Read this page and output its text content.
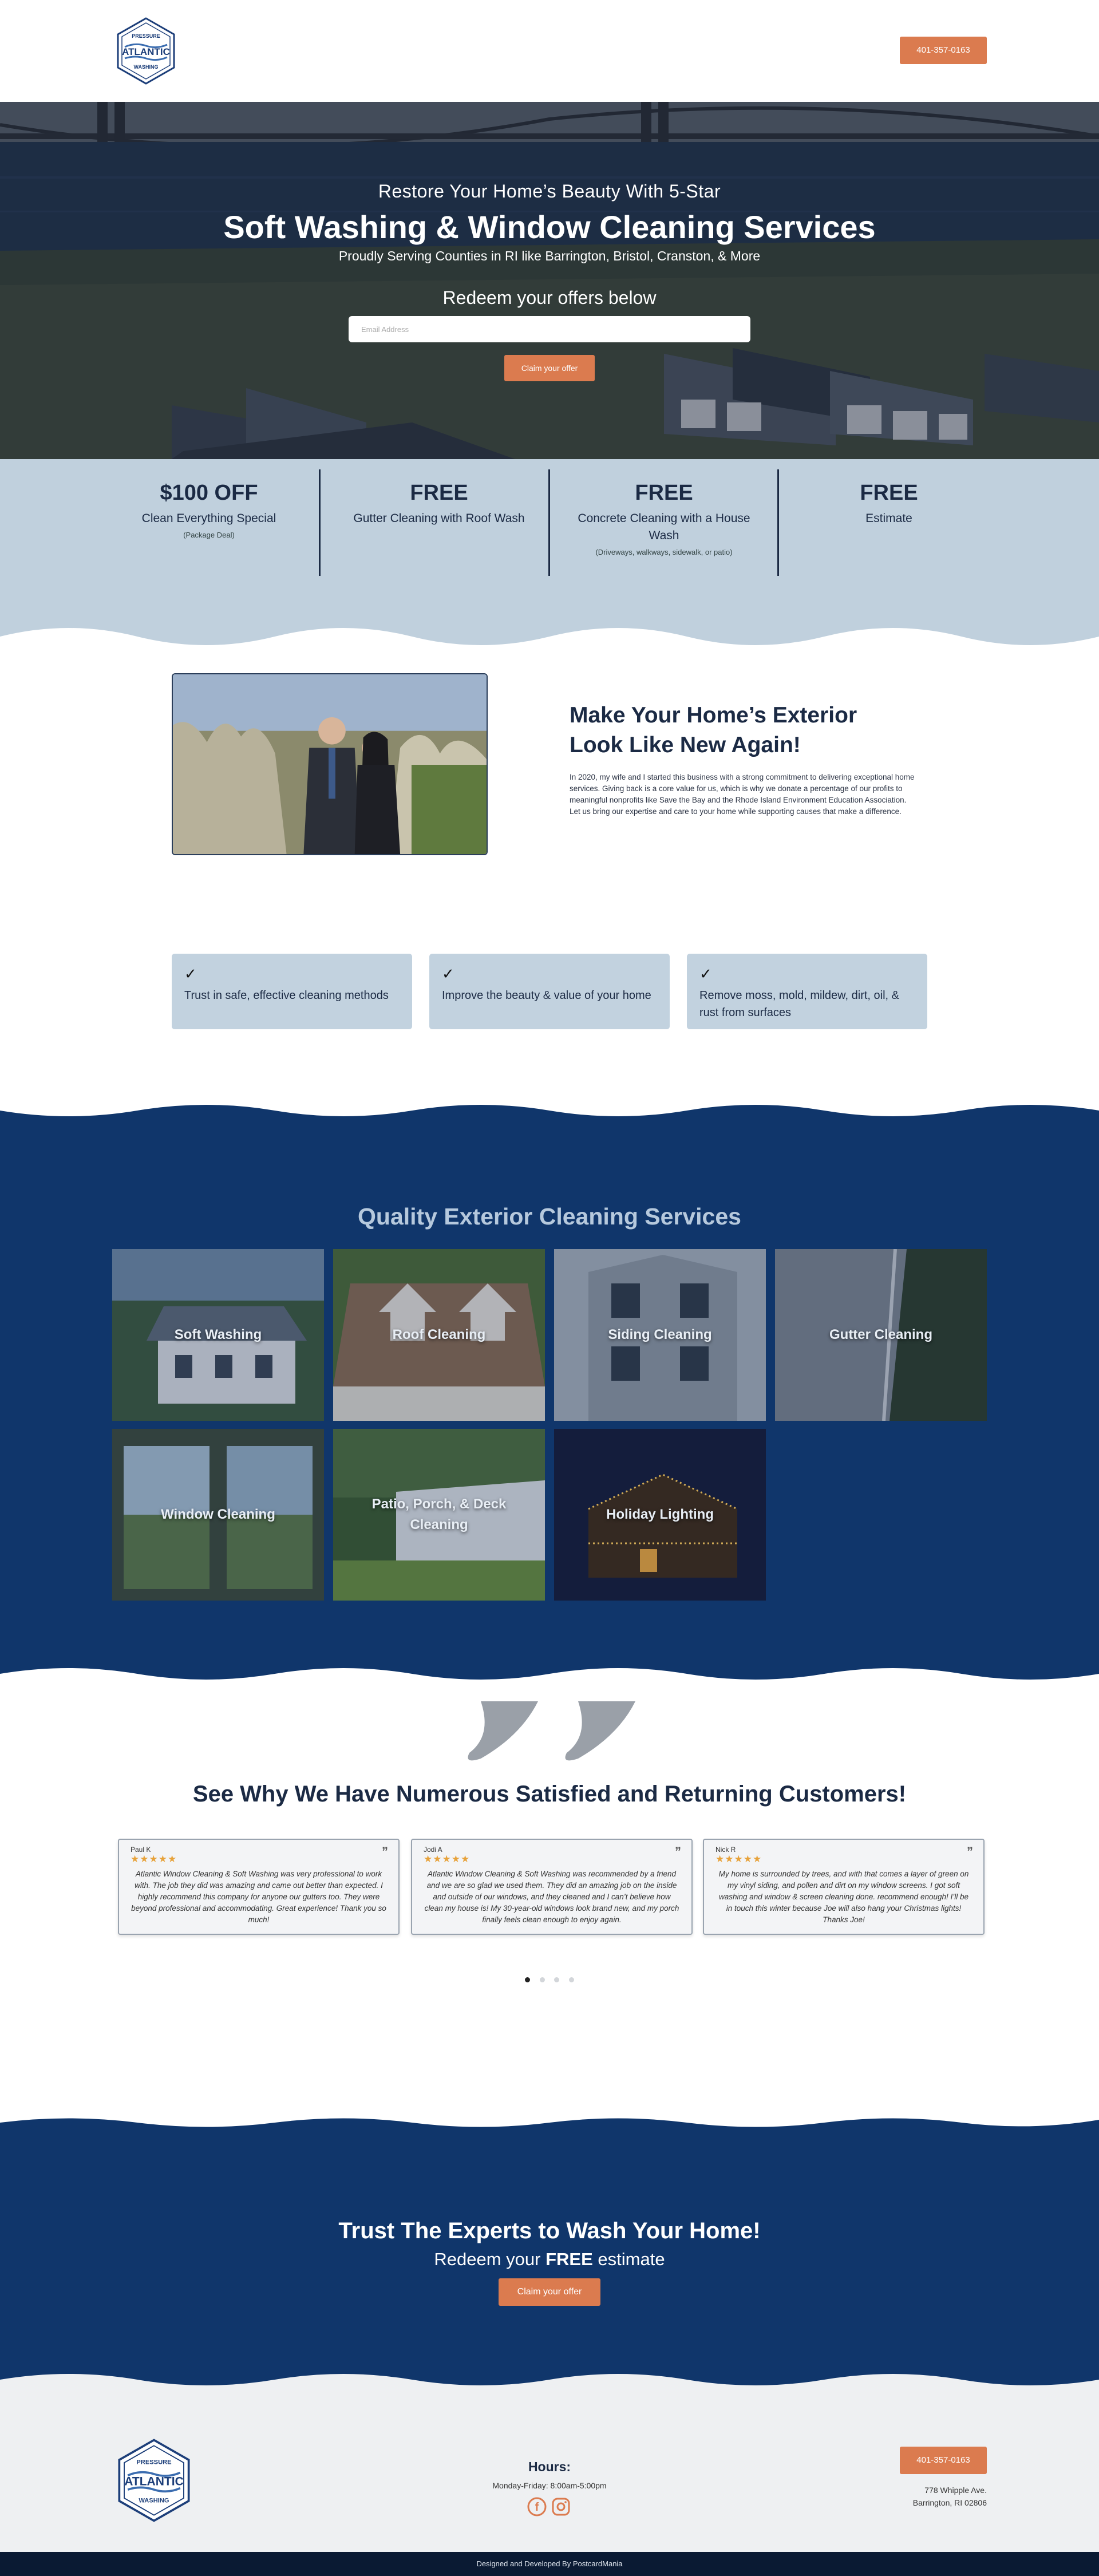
PRESSURE
ATLANTIC
WASHING
401-357-0163
Restore Your Home’s Beauty With 5-Star
Soft Washing & Window Cleaning Services
Proudly Serving Counties in RI like Barrington, Bristol, Cranston, & More
Redeem your offers below
Email Address
Claim your offer
$100 OFF
Clean Everything Special
(Package Deal)
FREE
Gutter Cleaning with Roof Wash
FREE
Concrete Cleaning with a House Wash
(Driveways, walkways, sidewalk, or patio)
FREE
Estimate
Make Your Home’s Exterior Look Like New Again!

In 2020, my wife and I started this business with a strong commitment to delivering exceptional home services. Giving back is a core value for us, which is why we donate a percentage of our profits to meaningful nonprofits like Save the Bay and the Rhode Island Environment Education Association. Let us bring our expertise and care to your home while supporting causes that make a difference.

✓
Trust in safe, effective cleaning methods
✓
Improve the beauty & value of your home
✓
Remove moss, mold, mildew, dirt, oil, & rust from surfaces
Quality Exterior Cleaning Services
Soft Washing	Roof Cleaning	Siding Cleaning	Gutter Cleaning
Window Cleaning
Patio, Porch, & Deck Cleaning
Holiday Lighting
See Why We Have Numerous Satisfied and Returning Customers!
Paul K
★★★★★
”
Atlantic Window Cleaning & Soft Washing was very professional to work with. The job they did was amazing and came out better than expected. I highly recommend this company for anyone our gutters too. They were beyond professional and accommodating. Great experience! Thank you so much!
Jodi A
★★★★★
”
Atlantic Window Cleaning & Soft Washing was recommended by a friend and we are so glad we used them. They did an amazing job on the inside and outside of our windows, and they cleaned and I can’t believe how clean my house is! My 30-year-old windows look brand new, and my porch finally feels clean enough to enjoy again.
Nick R
★★★★★
”
My home is surrounded by trees, and with that comes a layer of green on my vinyl siding, and pollen and dirt on my window screens. I got soft washing and window & screen cleaning done. recommend enough! I’ll be in touch this winter because Joe will also hang your Christmas lights! Thanks Joe!

Trust The Experts to Wash Your Home!
Redeem your FREE estimate
Claim your offer
PRESSURE
ATLANTIC
WASHING
Hours:
Monday-Friday: 8:00am-5:00pm
f
401-357-0163
778 Whipple Ave.
Barrington, RI 02806
Designed and Developed By PostcardMania
